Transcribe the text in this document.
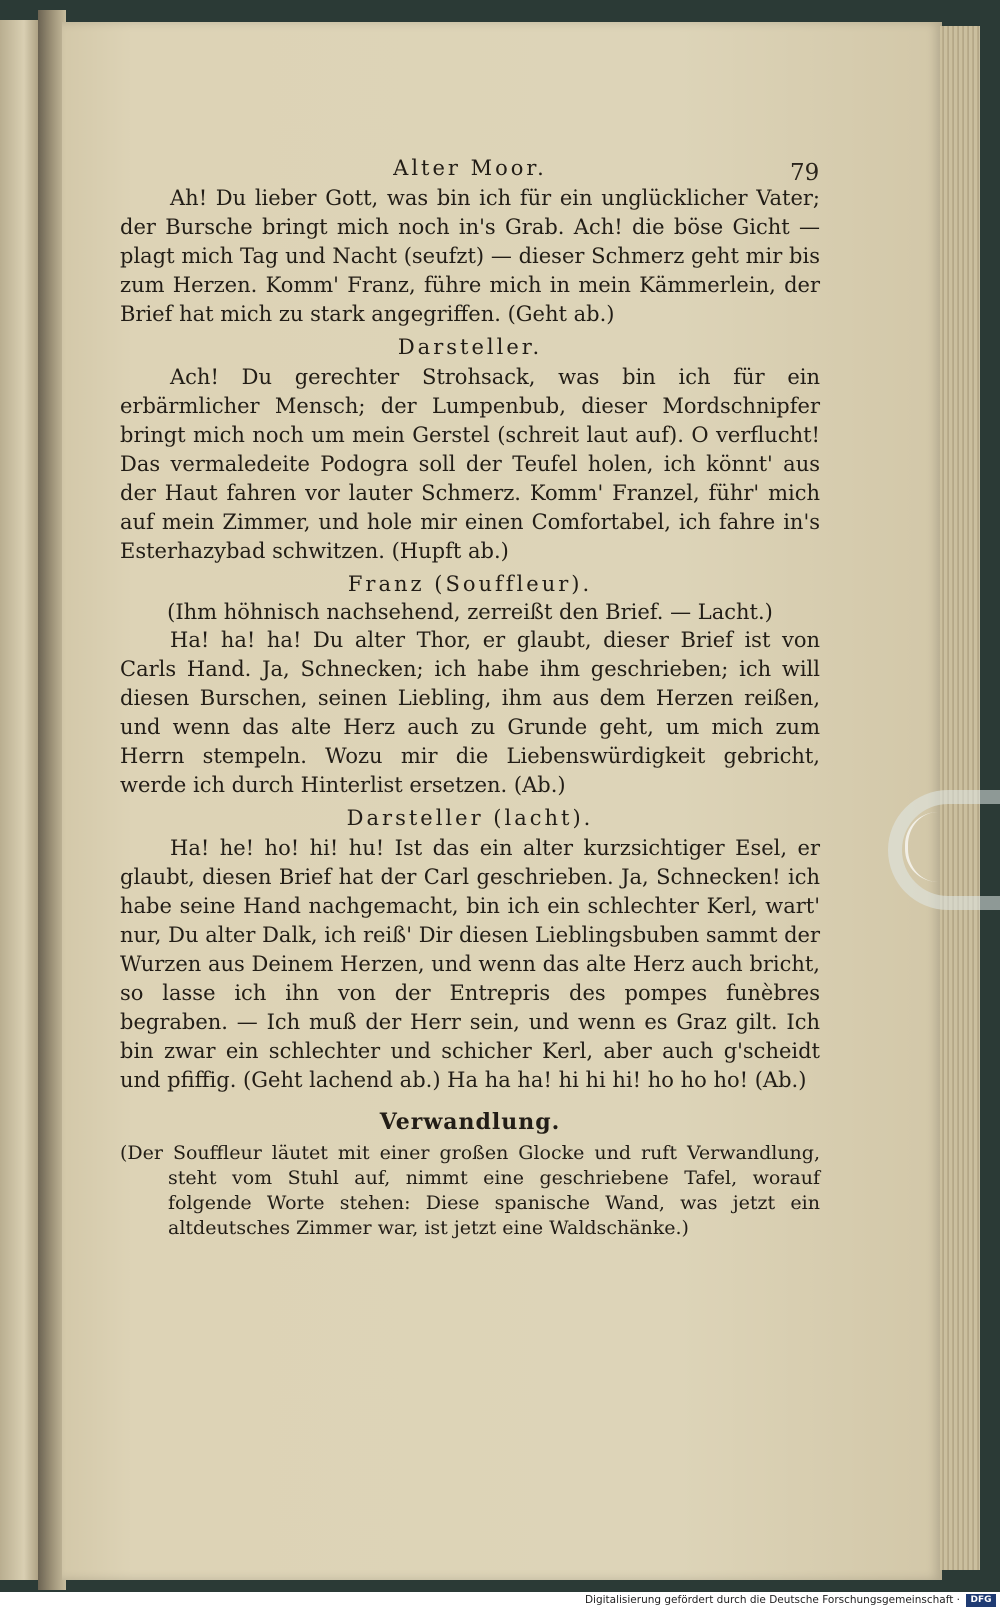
79
Alter Moor.

Ah! Du lieber Gott, was bin ich für ein unglücklicher Vater; der Bursche bringt mich noch in's Grab. Ach! die böse Gicht — plagt mich Tag und Nacht (seufzt) — dieser Schmerz geht mir bis zum Herzen. Komm' Franz, führe mich in mein Kämmerlein, der Brief hat mich zu stark angegriffen. (Geht ab.)

Darsteller.

Ach! Du gerechter Strohsack, was bin ich für ein erbärmlicher Mensch; der Lumpenbub, dieser Mordschnipfer bringt mich noch um mein Gerstel (schreit laut auf). O verflucht! Das vermaledeite Podogra soll der Teufel holen, ich könnt' aus der Haut fahren vor lauter Schmerz. Komm' Franzel, führ' mich auf mein Zimmer, und hole mir einen Comfortabel, ich fahre in's Esterhazybad schwitzen. (Hupft ab.)

Franz (Souffleur).
(Ihm höhnisch nachsehend, zerreißt den Brief. — Lacht.)

Ha! ha! ha! Du alter Thor, er glaubt, dieser Brief ist von Carls Hand. Ja, Schnecken; ich habe ihm geschrieben; ich will diesen Burschen, seinen Liebling, ihm aus dem Herzen reißen, und wenn das alte Herz auch zu Grunde geht, um mich zum Herrn stempeln. Wozu mir die Liebenswürdigkeit gebricht, werde ich durch Hinterlist ersetzen. (Ab.)

Darsteller (lacht).

Ha! he! ho! hi! hu! Ist das ein alter kurzsichtiger Esel, er glaubt, diesen Brief hat der Carl geschrieben. Ja, Schnecken! ich habe seine Hand nachgemacht, bin ich ein schlechter Kerl, wart' nur, Du alter Dalk, ich reiß' Dir diesen Lieblingsbuben sammt der Wurzen aus Deinem Herzen, und wenn das alte Herz auch bricht, so lasse ich ihn von der Entrepris des pompes funèbres begraben. — Ich muß der Herr sein, und wenn es Graz gilt. Ich bin zwar ein schlechter und schicher Kerl, aber auch g'scheidt und pfiffig. (Geht lachend ab.) Ha ha ha! hi hi hi! ho ho ho! (Ab.)

Verwandlung.
(Der Souffleur läutet mit einer großen Glocke und ruft Verwandlung, steht vom Stuhl auf, nimmt eine geschriebene Tafel, worauf folgende Worte stehen: Diese spanische Wand, was jetzt ein altdeutsches Zimmer war, ist jetzt eine Waldschänke.)
Digitalisierung gefördert durch die Deutsche Forschungsgemeinschaft ·	DFG
